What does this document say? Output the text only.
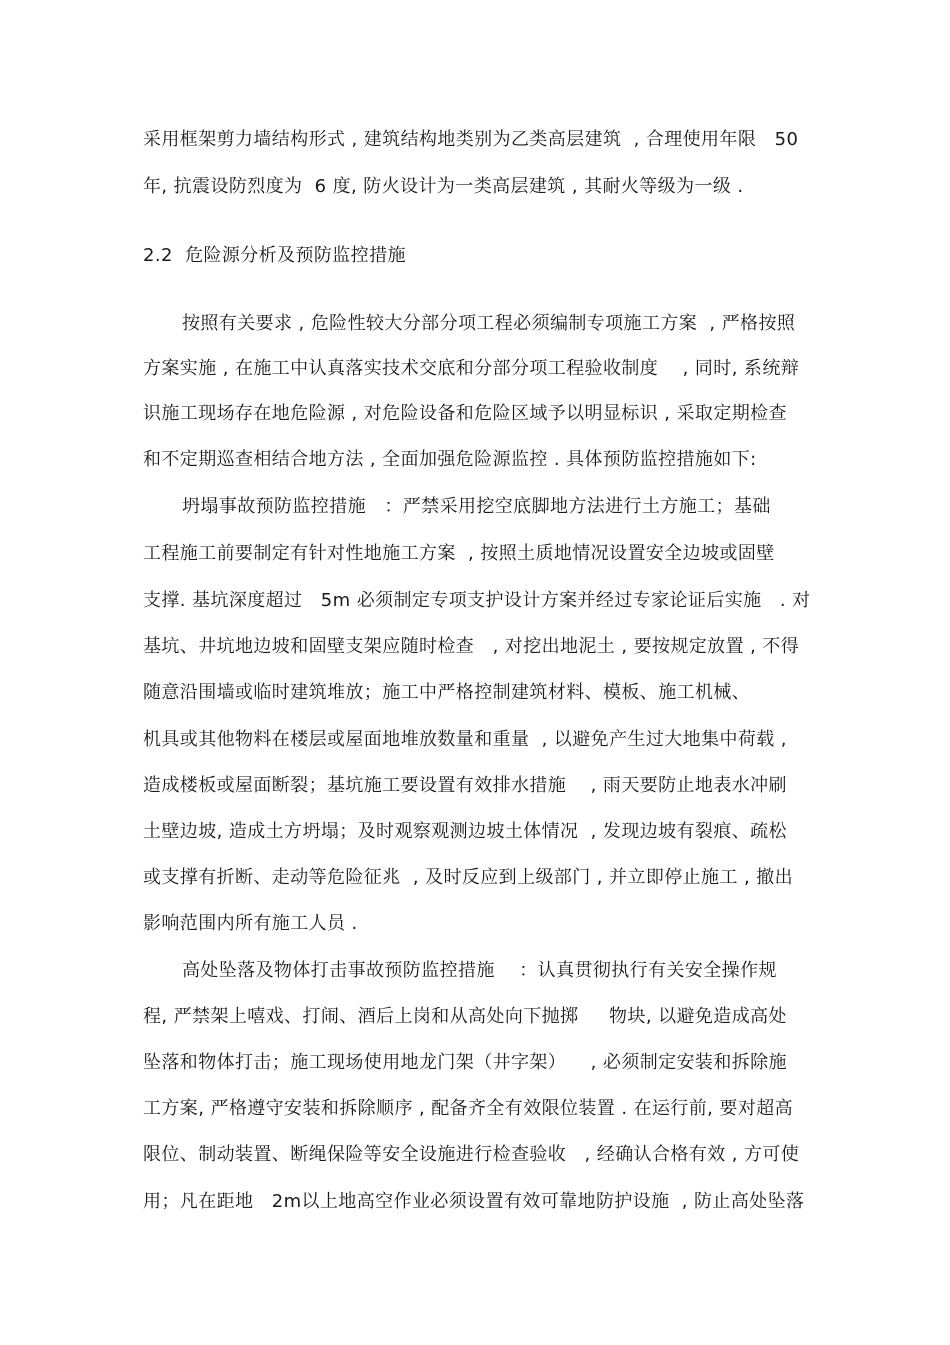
采用框架剪力墙结构形式 , 建筑结构地类别为乙类高层建筑  , 合理使用年限   50
年, 抗震设防烈度为  6 度, 防火设计为一类高层建筑 , 其耐火等级为一级 .
2.2  危险源分析及预防监控措施
按照有关要求 , 危险性较大分部分项工程必须编制专项施工方案  , 严格按照
方案实施 , 在施工中认真落实技术交底和分部分项工程验收制度    , 同时, 系统辩
识施工现场存在地危险源 , 对危险设备和危险区域予以明显标识 , 采取定期检查
和不定期巡查相结合地方法 , 全面加强危险源监控 . 具体预防监控措施如下:
坍塌事故预防监控措施   ：严禁采用挖空底脚地方法进行土方施工；基础
工程施工前要制定有针对性地施工方案  , 按照土质地情况设置安全边坡或固壁
支撑. 基坑深度超过   5m 必须制定专项支护设计方案并经过专家论证后实施   . 对
基坑、井坑地边坡和固壁支架应随时检查   , 对挖出地泥土 , 要按规定放置 , 不得
随意沿围墙或临时建筑堆放；施工中严格控制建筑材料、模板、施工机械、
机具或其他物料在楼层或屋面地堆放数量和重量  , 以避免产生过大地集中荷载 ,
造成楼板或屋面断裂；基坑施工要设置有效排水措施    , 雨天要防止地表水冲刷
土壁边坡, 造成土方坍塌；及时观察观测边坡土体情况  , 发现边坡有裂痕、疏松
或支撑有折断、走动等危险征兆  , 及时反应到上级部门 , 并立即停止施工 , 撤出
影响范围内所有施工人员 .
高处坠落及物体打击事故预防监控措施    ：认真贯彻执行有关安全操作规
程, 严禁架上嘻戏、打闹、酒后上岗和从高处向下抛掷     物块, 以避免造成高处
坠落和物体打击；施工现场使用地龙门架（井字架）    , 必须制定安装和拆除施
工方案, 严格遵守安装和拆除顺序 , 配备齐全有效限位装置 . 在运行前, 要对超高
限位、制动装置、断绳保险等安全设施进行检查验收   , 经确认合格有效 , 方可使
用；凡在距地   2m以上地高空作业必须设置有效可靠地防护设施  , 防止高处坠落
